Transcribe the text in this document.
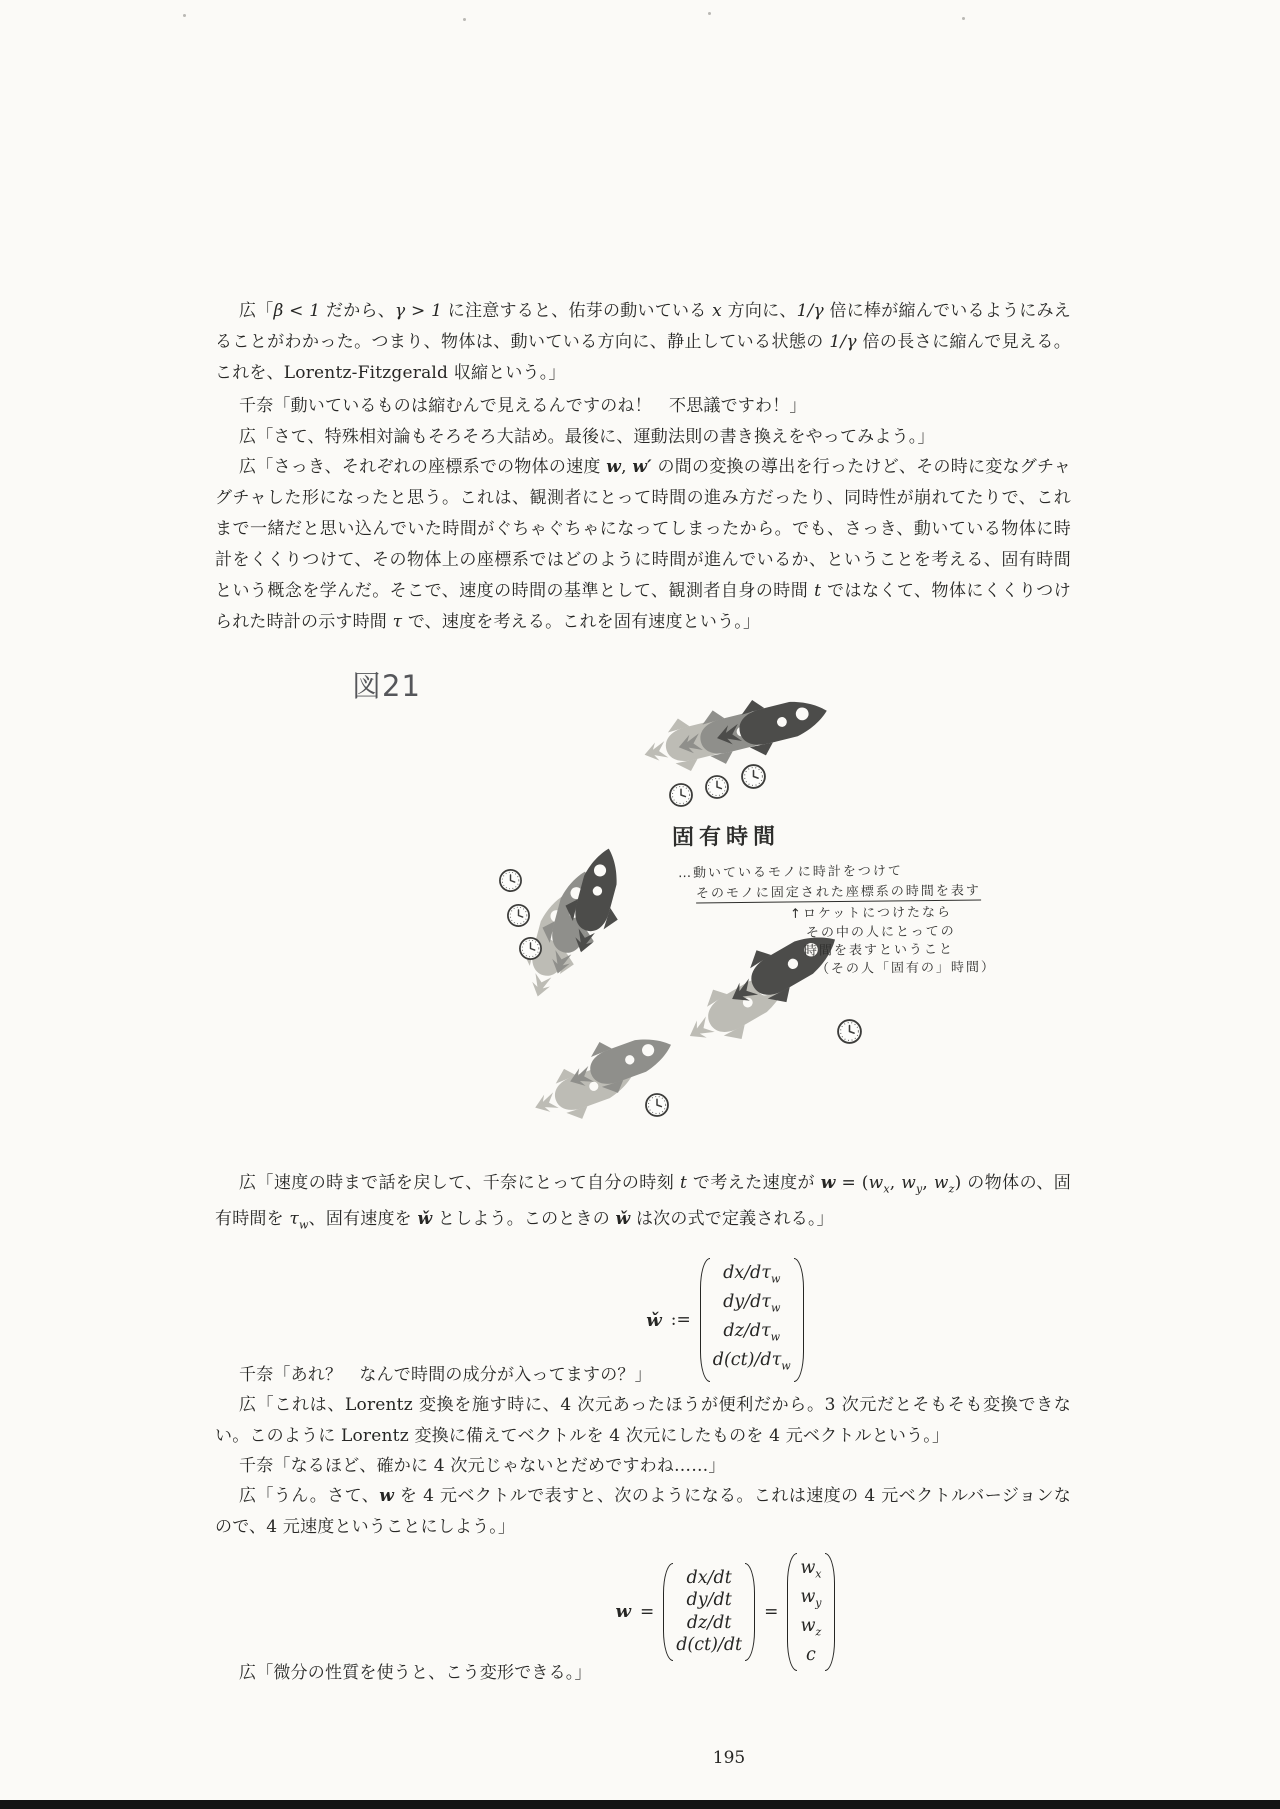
広「β < 1 だから、γ > 1 に注意すると、佑芽の動いている x 方向に、1/γ 倍に棒が縮んでいるようにみえることがわかった。つまり、物体は、動いている方向に、静止している状態の 1/γ 倍の長さに縮んで見える。これを、Lorentz-Fitzgerald 収縮という。」

千奈「動いているものは縮むんで見えるんですのね！　不思議ですわ！」

広「さて、特殊相対論もそろそろ大詰め。最後に、運動法則の書き換えをやってみよう。」

広「さっき、それぞれの座標系での物体の速度 w, w′ の間の変換の導出を行ったけど、その時に変なグチャグチャした形になったと思う。これは、観測者にとって時間の進み方だったり、同時性が崩れてたりで、これまで一緒だと思い込んでいた時間がぐちゃぐちゃになってしまったから。でも、さっき、動いている物体に時計をくくりつけて、その物体上の座標系ではどのように時間が進んでいるか、ということを考える、固有時間という概念を学んだ。そこで、速度の時間の基準として、観測者自身の時間 t ではなくて、物体にくくりつけられた時計の示す時間 τ で、速度を考える。これを固有速度という。」

図21
固有時間
…動いているモノに時計をつけて
そのモノに固定された座標系の時間を表す
↑ロケットにつけたなら
その中の人にとっての
時間を表すということ
（その人「固有の」時間）

広「速度の時まで話を戻して、千奈にとって自分の時刻 t で考えた速度が $w = (w_x$, $w_y$, $w_z$) の物体の、固有時間を $\tau_w$、固有速度を w̌ としよう。このときの w̌ は次の式で定義される。」

w̌ :=
$dx/d\tau_w$
$dy/d\tau_w$
$dz/d\tau_w$
$d(ct)/d\tau_w$

千奈「あれ？　なんで時間の成分が入ってますの？」

広「これは、Lorentz 変換を施す時に、4 次元あったほうが便利だから。3 次元だとそもそも変換できない。このように Lorentz 変換に備えてベクトルを 4 次元にしたものを 4 元ベクトルという。」

千奈「なるほど、確かに 4 次元じゃないとだめですわね……」

広「うん。さて、w を 4 元ベクトルで表すと、次のようになる。これは速度の 4 元ベクトルバージョンなので、4 元速度ということにしよう。」

w =
dx/dt
dy/dt
dz/dt
d(ct)/dt
=
$w_x$
$w_y$
$w_z$
c

広「微分の性質を使うと、こう変形できる。」

195
